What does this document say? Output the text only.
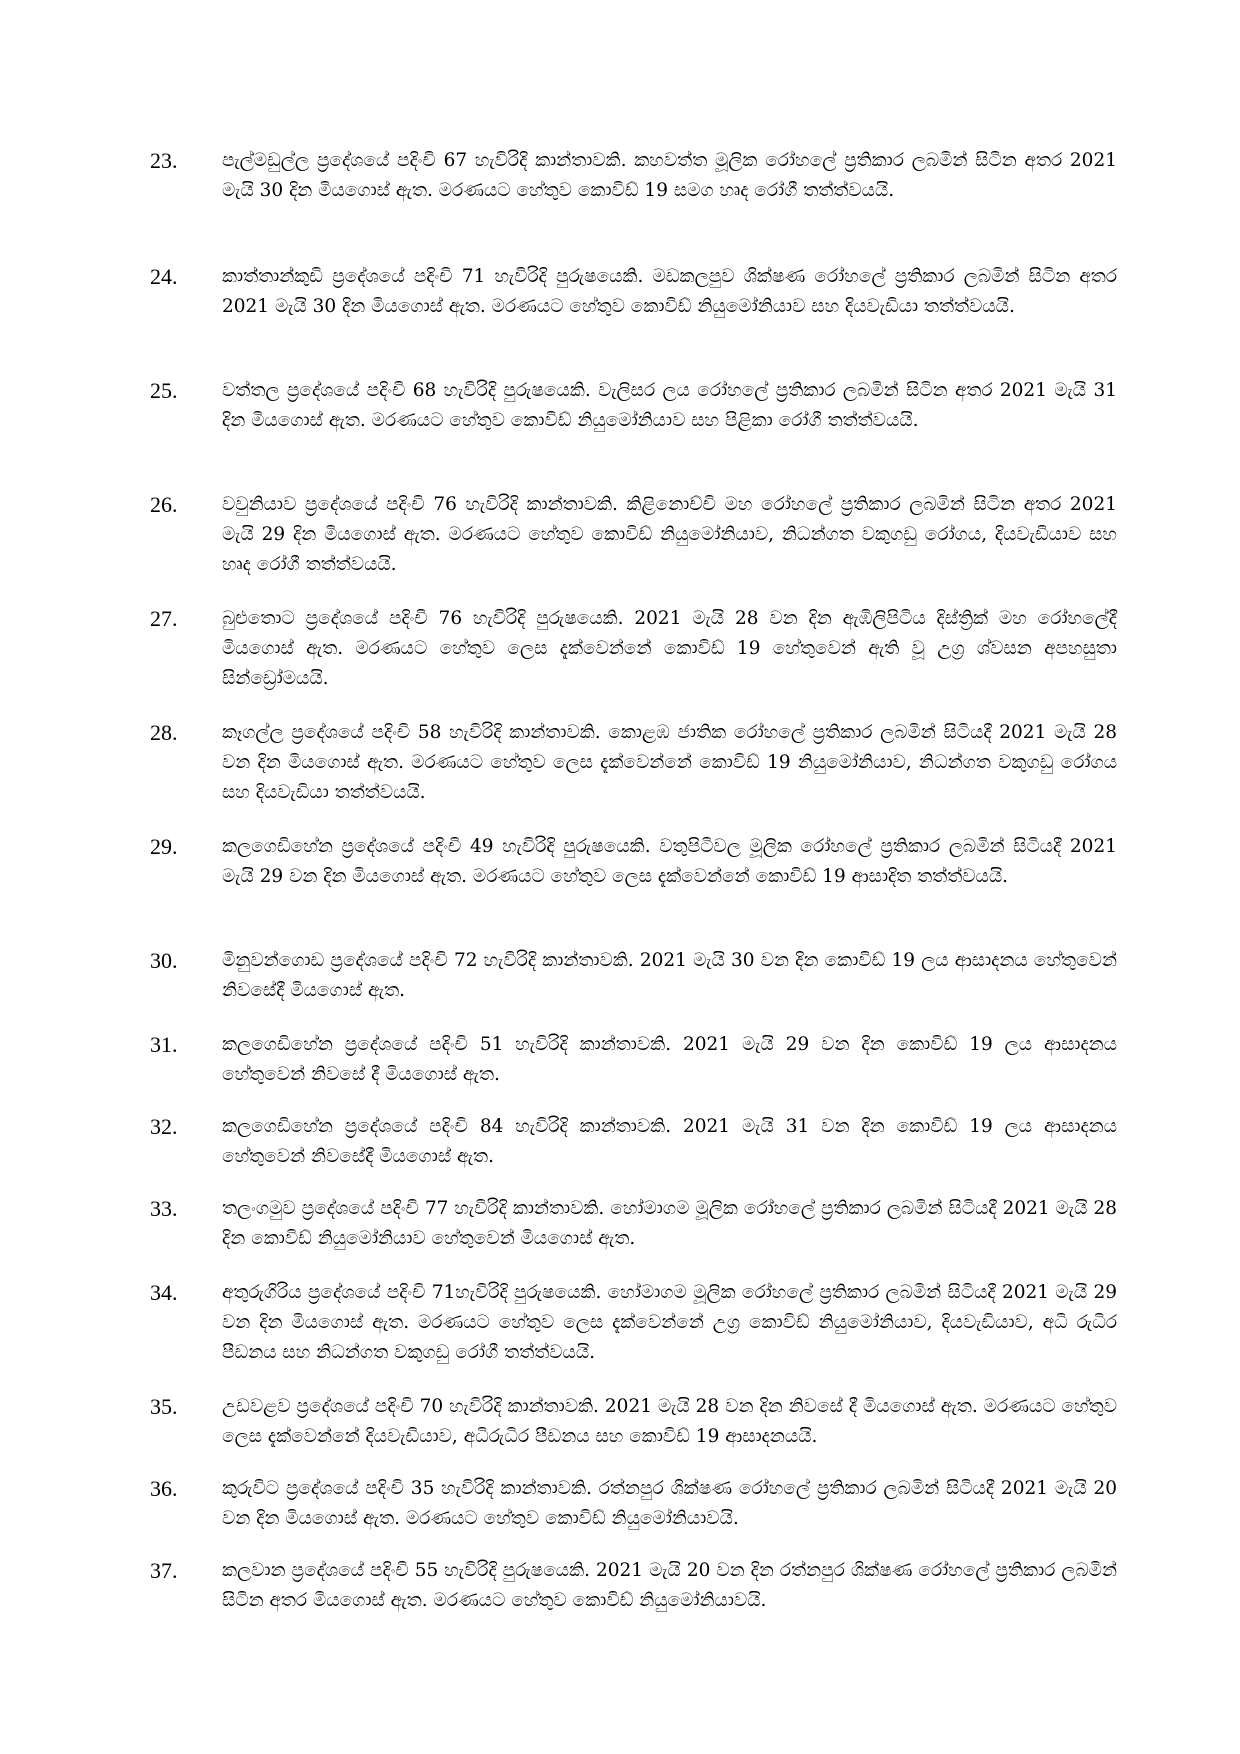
23. පැල්මඩුල්ල ප්‍රදේශයේ පදිංචි 67 හැවිරිදි කාන්තාවකි. කහවත්ත මූලික රෝහලේ ප්‍රතිකාර ලබමින් සිටින අතර 2021 මැයි 30 දින මියගොස් ඇත. මරණයට හේතුව කොවිඩ් 19 සමග හෘද රෝගී තත්ත්වයයි.
24. කාත්තාන්කුඩි ප්‍රදේශයේ පදිංචි 71 හැවිරිදි පුරුෂයෙකි. මඩකලපුව ශික්ෂණ රෝහලේ ප්‍රතිකාර ලබමින් සිටින අතර 2021 මැයි 30 දින මියගොස් ඇත. මරණයට හේතුව කොවිඩ් නියුමෝනියාව සහ දියවැඩියා තත්ත්වයයි.
25. වත්තල ප්‍රදේශයේ පදිංචි 68 හැවිරිදි පුරුෂයෙකි. වැලිසර ලය රෝහලේ ප්‍රතිකාර ලබමින් සිටින අතර 2021 මැයි 31 දින මියගොස් ඇත. මරණයට හේතුව කොවිඩ් නියුමෝනියාව සහ පිළිකා රෝගී තත්ත්වයයි.
26. වවුනියාව ප්‍රදේශයේ පදිංචි 76 හැවිරිදි කාන්තාවකි. කිළිනොච්චි මහ රෝහලේ ප්‍රතිකාර ලබමින් සිටින අතර 2021 මැයි 29 දින මියගොස් ඇත. මරණයට හේතුව කොවිඩ් නියුමෝනියාව, නිධන්ගත වකුගඩු රෝගය, දියවැඩියාව සහ හෘද රෝගී තත්ත්වයයි.
27. බුළුතොට ප්‍රදේශයේ පදිංචි 76 හැවිරිදි පුරුෂයෙකි. 2021 මැයි 28 වන දින ඇඹිලිපිටිය දිස්ත්‍රික් මහ රෝහලේදී මියගොස් ඇත. මරණයට හේතුව ලෙස දැක්වෙන්නේ කොවිඩ් 19 හේතුවෙන් ඇති වූ උග්‍ර ශ්වසන අපහසුතා සින්ඩ්‍රෝමයයි.
28. කෑගල්ල ප්‍රදේශයේ පදිංචි 58 හැවිරිදි කාන්තාවකි. කොළඹ ජාතික රෝහලේ ප්‍රතිකාර ලබමින් සිටියදී 2021 මැයි 28 වන දින මියගොස් ඇත. මරණයට හේතුව ලෙස දැක්වෙන්නේ කොවිඩ් 19 නියුමෝනියාව, නිධන්ගත වකුගඩු රෝගය සහ දියවැඩියා තත්ත්වයයි.
29. කලගෙඩිහේන ප්‍රදේශයේ පදිංචි 49 හැවිරිදි පුරුෂයෙකි. වතුපිටිවල මූලික රෝහලේ ප්‍රතිකාර ලබමින් සිටියදී 2021 මැයි 29 වන දින මියගොස් ඇත. මරණයට හේතුව ලෙස දැක්වෙන්නේ කොවිඩ් 19 ආසාදිත තත්ත්වයයි.
30. මිනුවන්ගොඩ ප්‍රදේශයේ පදිංචි 72 හැවිරිදි කාන්තාවකි. 2021 මැයි 30 වන දින කොවිඩ් 19 ලය ආසාදනය හේතුවෙන් නිවසේදී මියගොස් ඇත.
31. කලගෙඩිහේන ප්‍රදේශයේ පදිංචි 51 හැවිරිදි කාන්තාවකි. 2021 මැයි 29 වන දින කොවිඩ් 19 ලය ආසාදනය හේතුවෙන් නිවසේ දී මියගොස් ඇත.
32. කලගෙඩිහේන ප්‍රදේශයේ පදිංචි 84 හැවිරිදි කාන්තාවකි. 2021 මැයි 31 වන දින කොවිඩ් 19 ලය ආසාදනය හේතුවෙන් නිවසේදී මියගොස් ඇත.
33. තලංගමුව ප්‍රදේශයේ පදිංචි 77 හැවිරිදි කාන්තාවකි. හෝමාගම මූලික රෝහලේ ප්‍රතිකාර ලබමින් සිටියදී 2021 මැයි 28 දින කොවිඩ් නියුමෝනියාව හේතුවෙන් මියගොස් ඇත.
34. අතුරුගිරිය ප්‍රදේශයේ පදිංචි 71හැවිරිදි පුරුෂයෙකි. හෝමාගම මූලික රෝහලේ ප්‍රතිකාර ලබමින් සිටියදී 2021 මැයි 29 වන දින මියගොස් ඇත. මරණයට හේතුව ලෙස දැක්වෙන්නේ උග්‍ර කොවිඩ් නියුමෝනියාව, දියවැඩියාව, අධි රුධිර පීඩනය සහ නිධන්ගත වකුගඩු රෝගී තත්ත්වයයි.
35. උඩවළව ප්‍රදේශයේ පදිංචි 70 හැවිරිදි කාන්තාවකි. 2021 මැයි 28 වන දින නිවසේ දී මියගොස් ඇත. මරණයට හේතුව ලෙස දැක්වෙන්නේ දියවැඩියාව, අධිරුධිර පීඩනය සහ කොවිඩ් 19 ආසාදනයයි.
36. කුරුවිට ප්‍රදේශයේ පදිංචි 35 හැවිරිදි කාන්තාවකි. රත්නපුර ශික්ෂණ රෝහලේ ප්‍රතිකාර ලබමින් සිටියදී 2021 මැයි 20 වන දින මියගොස් ඇත. මරණයට හේතුව කොවිඩ් නියුමෝනියාවයි.
37. කලවාන ප්‍රදේශයේ පදිංචි 55 හැවිරිදි පුරුෂයෙකි. 2021 මැයි 20 වන දින රත්නපුර ශික්ෂණ රෝහලේ ප්‍රතිකාර ලබමින් සිටින අතර මියගොස් ඇත. මරණයට හේතුව කොවිඩ් නියුමෝනියාවයි.
